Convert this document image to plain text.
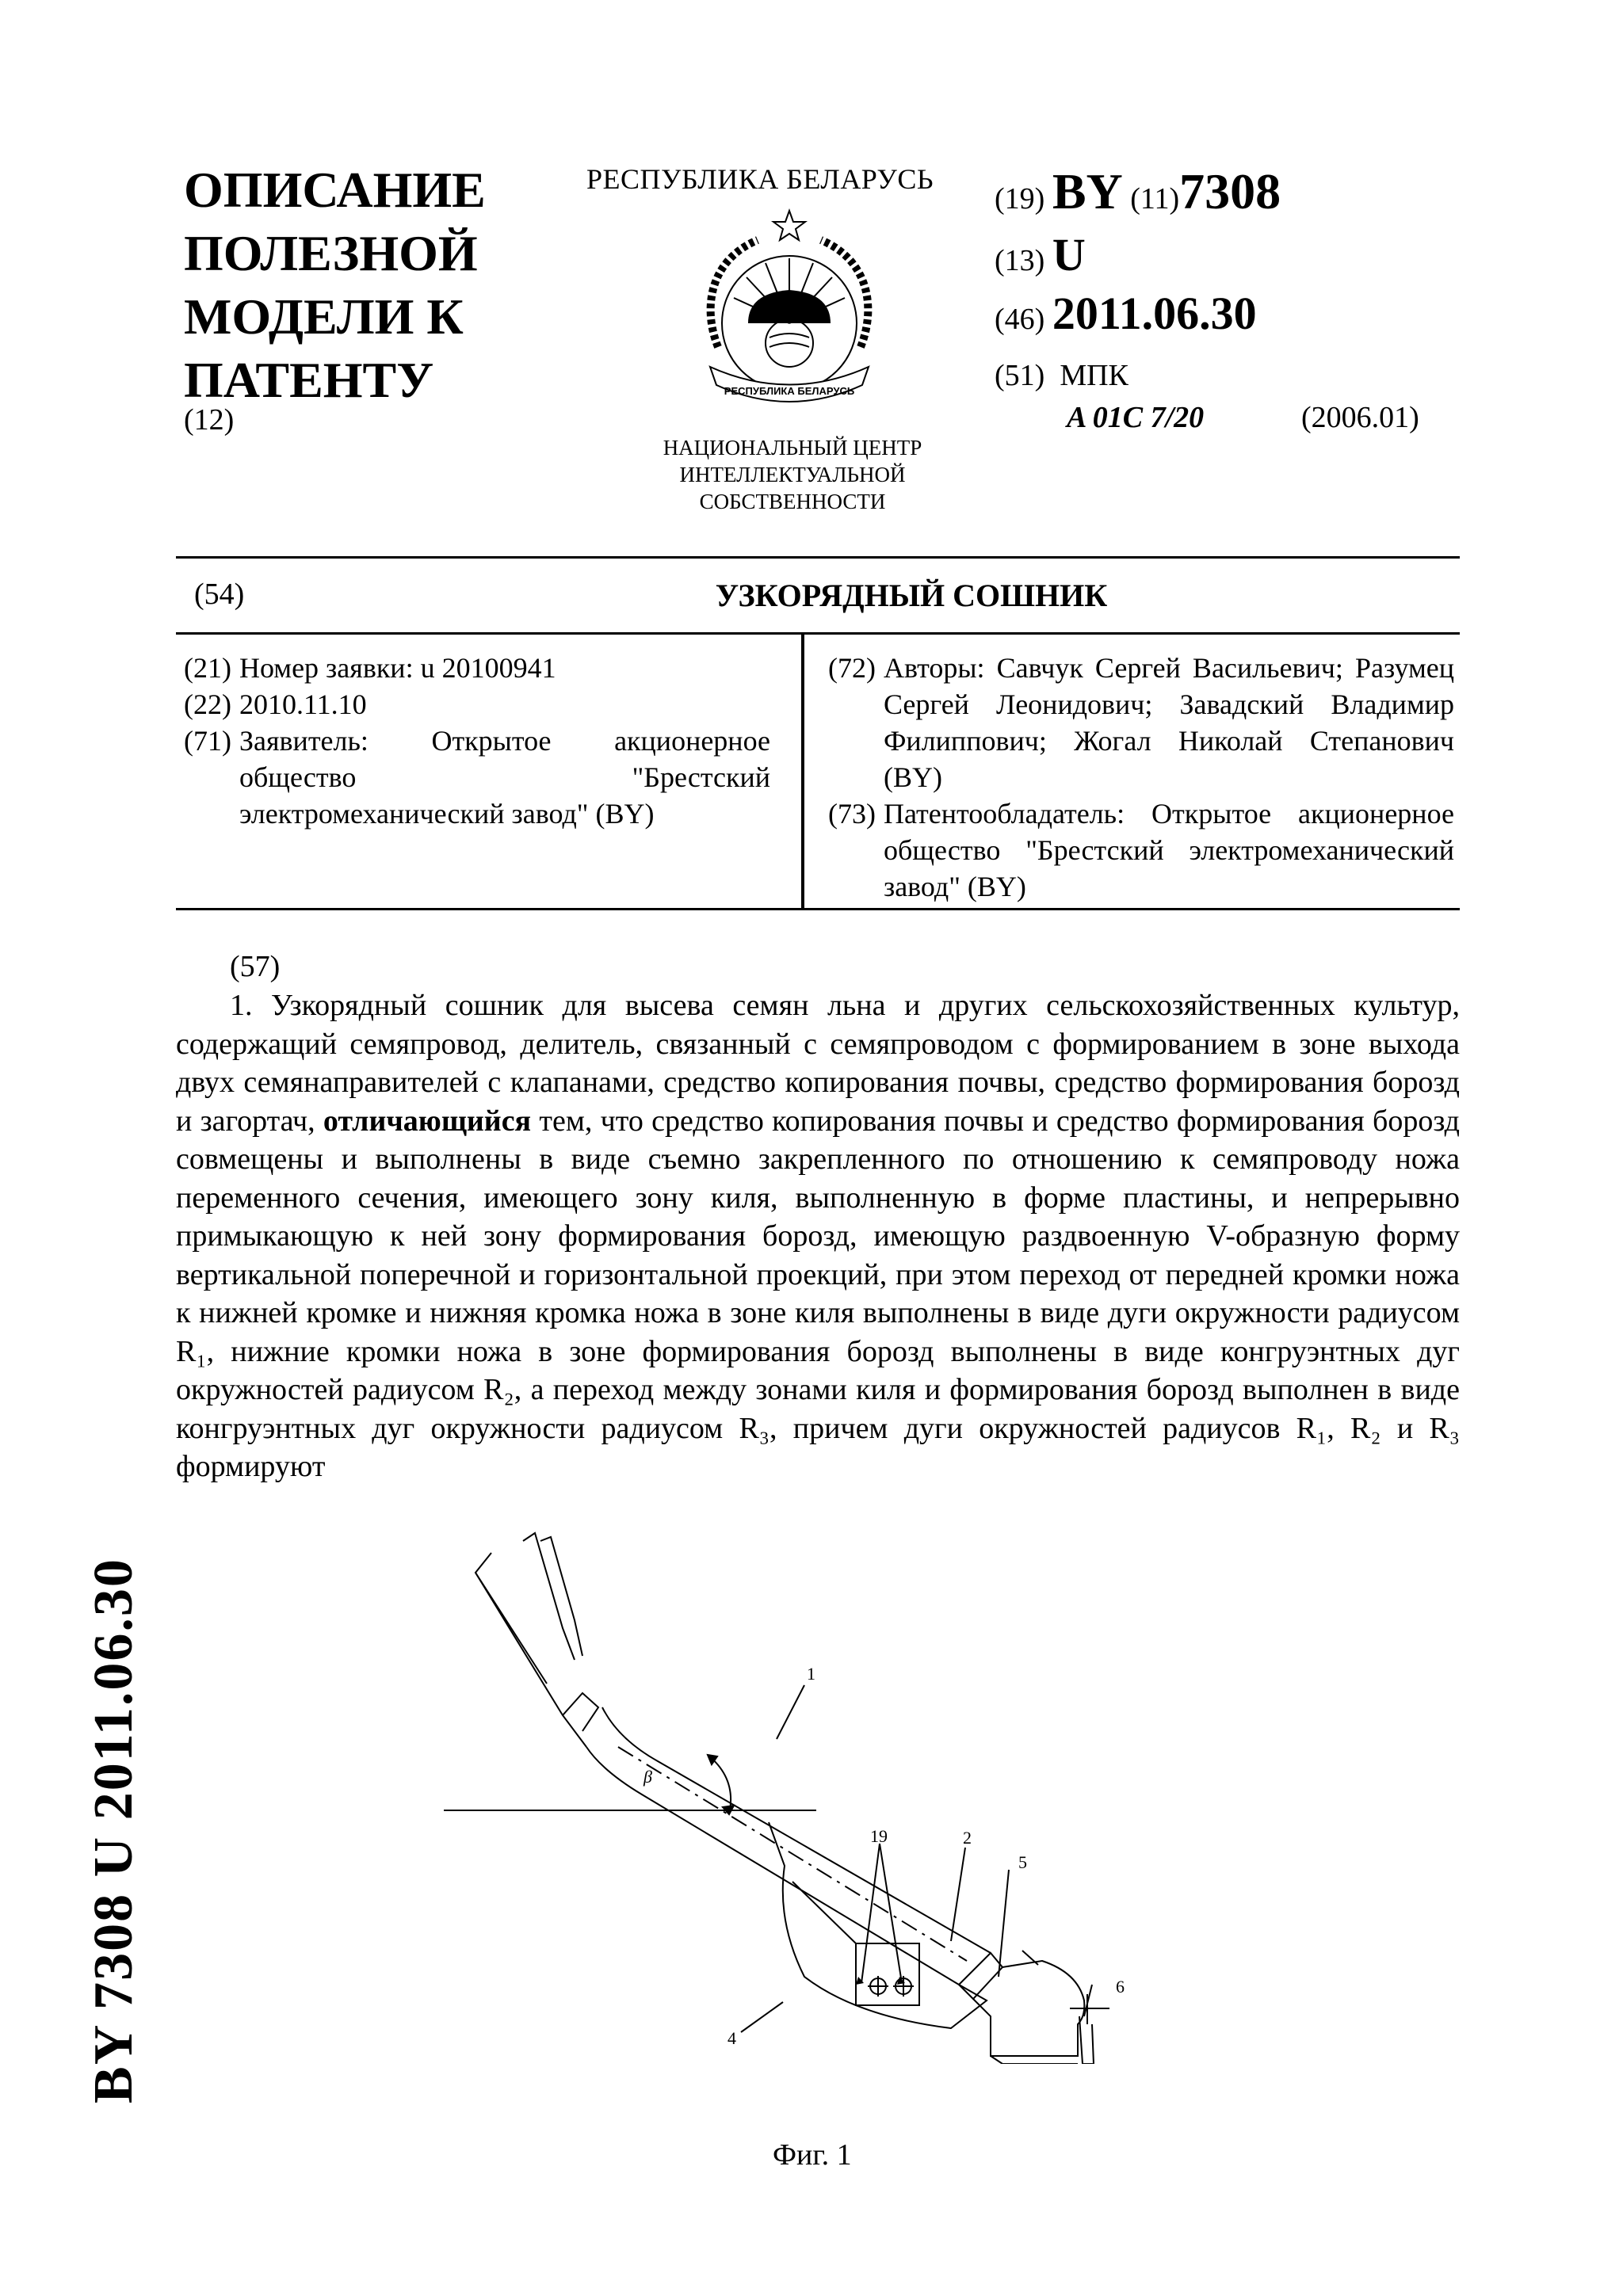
ОПИСАНИЕ
ПОЛЕЗНОЙ
МОДЕЛИ К
ПАТЕНТУ
(12)
РЕСПУБЛИКА БЕЛАРУСЬ
РЕСПУБЛИКА БЕЛАРУСЬ
НАЦИОНАЛЬНЫЙ ЦЕНТР
ИНТЕЛЛЕКТУАЛЬНОЙ
СОБСТВЕННОСТИ
(19) BY (11)7308
(13) U
(46) 2011.06.30
(51) МПК
A 01C 7/20	(2006.01)
(54)	УЗКОРЯДНЫЙ СОШНИК
(21) Номер заявки: u 20100941
(22) 2010.11.10
(71) Заявитель: Открытое акционерное общество "Брестский электромеханический завод" (BY)
(72) Авторы: Савчук Сергей Васильевич; Разумец Сергей Леонидович; Завадский Владимир Филиппович; Жогал Николай Степанович (BY)
(73) Патентообладатель: Открытое акционерное общество "Брестский электромеханический завод" (BY)
(57)
1. Узкорядный сошник для высева семян льна и других сельскохозяйственных культур, содержащий семяпровод, делитель, связанный с семяпроводом с формированием в зоне выхода двух семянаправителей с клапанами, средство копирования почвы, средство формирования борозд и загортач, отличающийся тем, что средство копирования почвы и средство формирования борозд совмещены и выполнены в виде съемно закрепленного по отношению к семяпроводу ножа переменного сечения, имеющего зону киля, выполненную в форме пластины, и непрерывно примыкающую к ней зону формирования борозд, имеющую раздвоенную V-образную форму вертикальной поперечной и горизонтальной проекций, при этом переход от передней кромки ножа к нижней кромке и нижняя кромка ножа в зоне киля выполнены в виде дуги окружности радиусом R₁, нижние кромки ножа в зоне формирования борозд выполнены в виде конгруэнтных дуг окружностей радиусом R₂, а переход между зонами киля и формирования борозд выполнен в виде конгруэнтных дуг окружности радиусом R₃, причем дуги окружностей радиусов R₁, R₂ и R₃ формируют
1
19	2
5
6
4
β
Фиг. 1
BY 7308 U 2011.06.30
